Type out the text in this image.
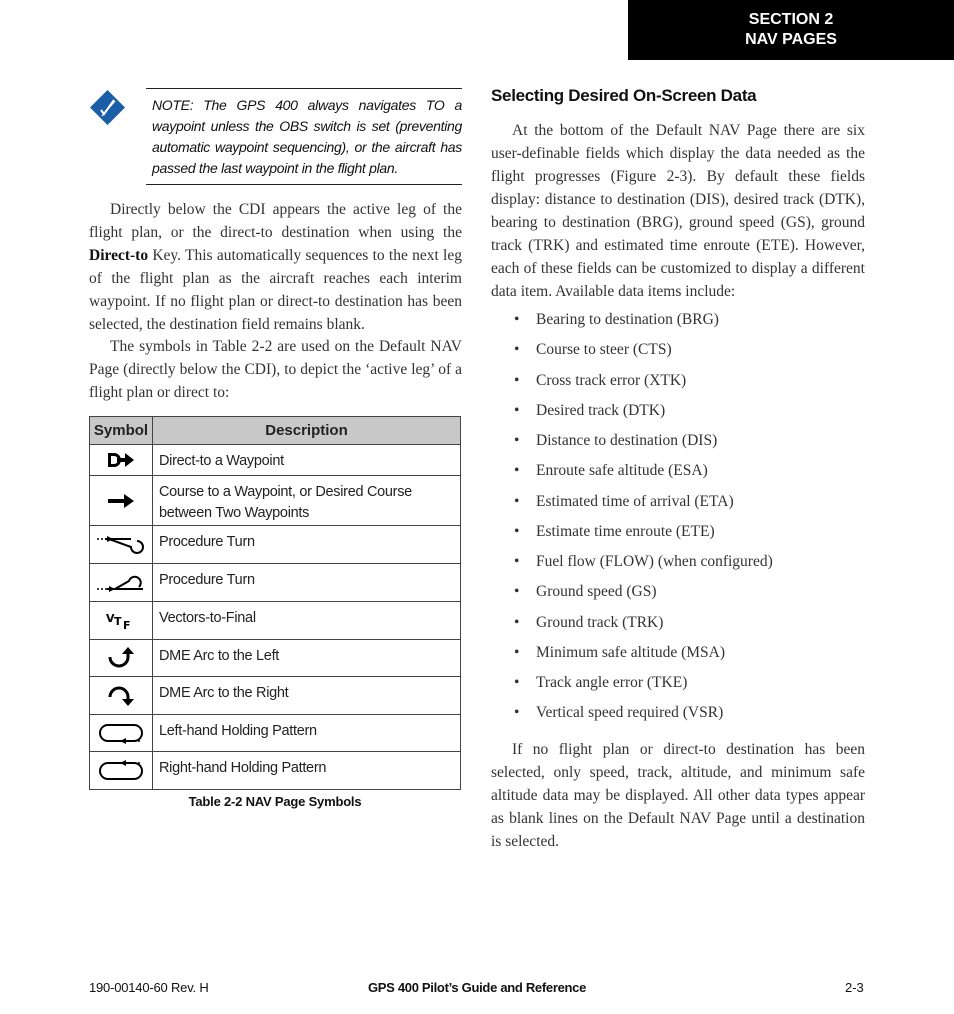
SECTION 2
NAV PAGES
NOTE: The GPS 400 always navigates TO a waypoint unless the OBS switch is set (preventing automatic waypoint sequencing), or the aircraft has passed the last waypoint in the flight plan.

Directly below the CDI appears the active leg of the flight plan, or the direct-to destination when using the Direct-to Key. This automatically sequences to the next leg of the flight plan as the aircraft reaches each interim waypoint. If no flight plan or direct-to destination has been selected, the destination field remains blank.

The symbols in Table 2-2 are used on the Default NAV Page (directly below the CDI), to depict the ‘active leg’ of a flight plan or direct to:

Symbol	Description

	Direct-to a Waypoint

	Course to a Waypoint, or Desired Course between Two Waypoints

	Procedure Turn

	Procedure Turn

V T F	Vectors-to-Final

	DME Arc to the Left

	DME Arc to the Right

	Left-hand Holding Pattern

	Right-hand Holding Pattern
Table 2-2 NAV Page Symbols
Selecting Desired On-Screen Data

At the bottom of the Default NAV Page there are six user-definable fields which display the data needed as the flight progresses (Figure 2-3). By default these fields display: distance to destination (DIS), desired track (DTK), bearing to destination (BRG), ground speed (GS), ground track (TRK) and estimated time enroute (ETE). However, each of these fields can be customized to display a different data item. Available data items include:

• Bearing to destination (BRG)
• Course to steer (CTS)
• Cross track error (XTK)
• Desired track (DTK)
• Distance to destination (DIS)
• Enroute safe altitude (ESA)
• Estimated time of arrival (ETA)
• Estimate time enroute (ETE)
• Fuel flow (FLOW) (when configured)
• Ground speed (GS)
• Ground track (TRK)
• Minimum safe altitude (MSA)
• Track angle error (TKE)
• Vertical speed required (VSR)

If no flight plan or direct-to destination has been selected, only speed, track, altitude, and minimum safe altitude data may be displayed. All other data types appear as blank lines on the Default NAV Page until a destination is selected.

190-00140-60 Rev. H	GPS 400 Pilot’s Guide and Reference	2-3
